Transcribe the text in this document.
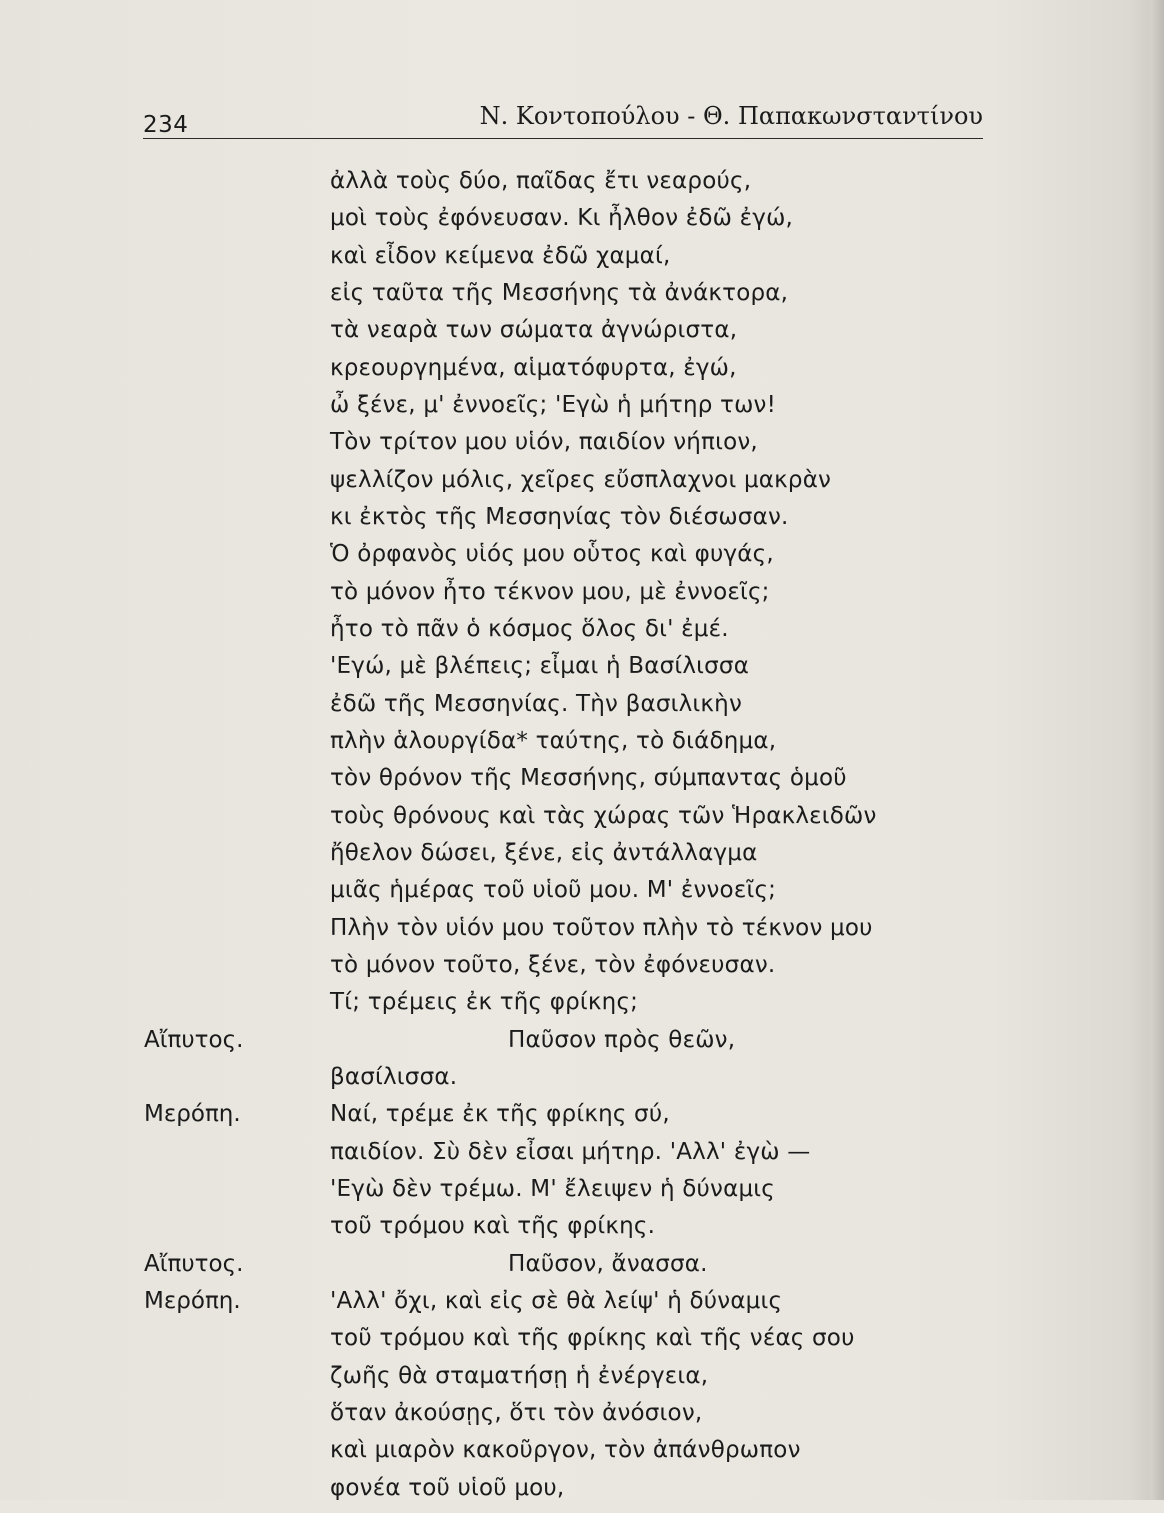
234	Ν. Κοντοπούλου - Θ. Παπακωνσταντίνου
ἀλλὰ τοὺς δύο, παῖδας ἔτι νεαρούς,
μοὶ τοὺς ἐφόνευσαν. Κι ἦλθον ἐδῶ ἐγώ,
καὶ εἶδον κείμενα ἐδῶ χαμαί,
εἰς ταῦτα τῆς Μεσσήνης τὰ ἀνάκτορα,
τὰ νεαρὰ των σώματα ἀγνώριστα,
κρεουργημένα, αἱματόφυρτα, ἐγώ,
ὦ ξένε, μ' ἐννοεῖς; 'Εγὼ ἡ μήτηρ των!
Τὸν τρίτον μου υἱόν, παιδίον νήπιον,
ψελλίζον μόλις, χεῖρες εὔσπλαχνοι μακρὰν
κι ἐκτὸς τῆς Μεσσηνίας τὸν διέσωσαν.
Ὁ ὀρφανὸς υἱός μου οὗτος καὶ φυγάς,
τὸ μόνον ἦτο τέκνον μου, μὲ ἐννοεῖς;
ἦτο τὸ πᾶν ὁ κόσμος ὅλος δι' ἐμέ.
'Εγώ, μὲ βλέπεις; εἶμαι ἡ Βασίλισσα
ἐδῶ τῆς Μεσσηνίας. Τὴν βασιλικὴν
πλὴν ἁλουργίδα* ταύτης, τὸ διάδημα,
τὸν θρόνον τῆς Μεσσήνης, σύμπαντας ὁμοῦ
τοὺς θρόνους καὶ τὰς χώρας τῶν Ἡρακλειδῶν
ἤθελον δώσει, ξένε, εἰς ἀντάλλαγμα
μιᾶς ἡμέρας τοῦ υἱοῦ μου. Μ' ἐννοεῖς;
Πλὴν τὸν υἱόν μου τοῦτον πλὴν τὸ τέκνον μου
τὸ μόνον τοῦτο, ξένε, τὸν ἐφόνευσαν.
Τί; τρέμεις ἐκ τῆς φρίκης;
Αἴπυτος.	Παῦσον πρὸς θεῶν,
βασίλισσα.
Μερόπη.	Ναί, τρέμε ἐκ τῆς φρίκης σύ,
παιδίον. Σὺ δὲν εἶσαι μήτηρ. 'Αλλ' ἐγὼ —
'Εγὼ δὲν τρέμω. Μ' ἔλειψεν ἡ δύναμις
τοῦ τρόμου καὶ τῆς φρίκης.
Αἴπυτος.	Παῦσον, ἄνασσα.
Μερόπη.	'Αλλ' ὄχι, καὶ εἰς σὲ θὰ λείψ' ἡ δύναμις
τοῦ τρόμου καὶ τῆς φρίκης καὶ τῆς νέας σου
ζωῆς θὰ σταματήσῃ ἡ ἐνέργεια,
ὅταν ἀκούσῃς, ὅτι τὸν ἀνόσιον,
καὶ μιαρὸν κακοῦργον, τὸν ἀπάνθρωπον
φονέα τοῦ υἱοῦ μου,
